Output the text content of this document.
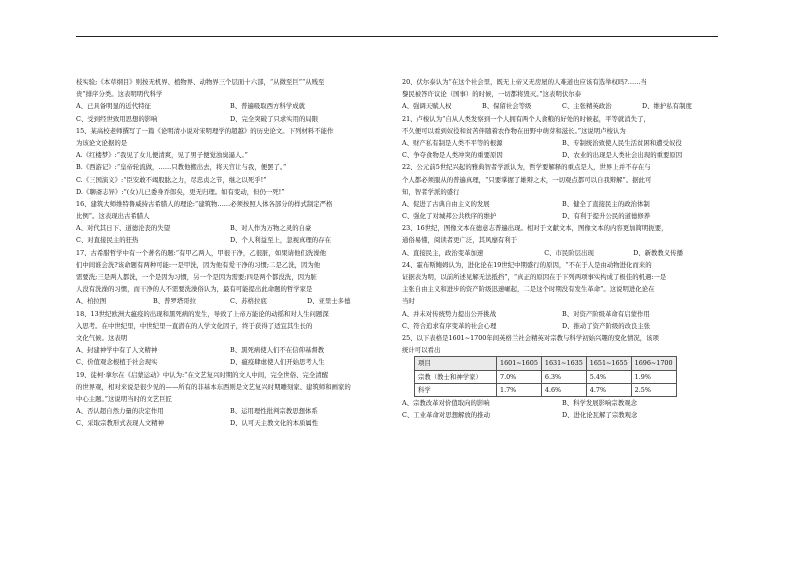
枝实验;《本草纲目》则按无机界、植物界、动物界三个层面十六部，“从微至巨”“从贱至
贵”排序分类。这表明明代科学
A、已具备明显的近代特征	B、普遍吸取西方科学成就
C、受到经世致用思想的影响	D、完全突破了只求实用的局限
15、某高校老师撰写了一篇《论明清小说对宋明理学的超越》的历史论文。下列材料不能作
为该论文论据的是
A.《红楼梦》:“我见了女儿便清爽，见了男子便觉浊臭逼人。”
B.《西游记》:“皇帝轮流做，……只教他搬出去，将天宫让与我，便罢了。”
C.《三国演义》:“臣安敢不竭股肱之力，尽忠贞之节，继之以死乎!”
D.《聊斋志异》:“(女)儿已委身乔郎矣，更无归理。如有变动，但仍一死!”
16、建筑大师维特鲁威持古希腊人的理论:“建筑物……必须按照人体各部分的样式制定严格
比例”。这表现出古希腊人
A、对代其日下、道德沦丧的失望	B、对人作为万物之灵的自豪
C、对直接民主的狂热	D、个人利益至上，忽视真理的存在
17、古希腊哲学中有一个著名的题:“有甲乙两人，甲很干净，乙很脏，如果请他们洗澡他
们中间谁会洗?该命题有两种可能:一是甲洗，因为他有爱干净的习惯;二是乙洗，因为他
需要洗;三是两人都洗，一个是因为习惯，另一个是因为需要;四是两个都没洗，因为脏
人没有洗澡的习惯，而干净的人不需要洗澡俗认为，最有可能提出此命题的哲学家是
A、柏拉图	B、普罗塔哥拉	C、苏格拉底	D、亚里士多德
18、13世纪欧洲大瘟疫的出现和黑死病的发生，导致了上帝万能论的动摇和对人生问题深
入思考。在中世纪里，中世纪里一直潜在的人学文化因子，终于获得了适宜其生长的
文化气候。这表明
A、封建神学中有了人文精神	B、黑死病使人们不在信仰基督教
C、价值观念根植于社会现实	D、瘟疫肆虐使人们开始思考人生
19、徒柯·拿尔在《启蒙运动》中认为:“在文艺复兴时期的文人中间，完全世俗、完全清醒
的世界观，相对来说是很少见的——所有的非基本东西则是文艺复兴时期雕刻家、建筑师和画家的
中心主题。”这说明当时的文艺巨匠
A、否认超自然力量的决定作用	B、运用理性批判宗教思想体系
C、采取宗教形式表现人文精神	D、认可天主教文化的本质属性
20、伏尔泰认为“在这个社会里，既无上帝又无房屋的人难道也应该有选举权吗?……当
黎民被答许议论（国事）的时候，一切都将毁灭。”这表明伏尔泰
A、强调天赋人权	B、保留社会等级	C、主张精英政治	D、维护私有制度
21、卢梭认为“自从人类发察到一个人拥有两个人食粮的好处的时候起，平等就消失了，
不久便可以看到奴役和贫苦伴随着农作物在田野中萌芽和滋长。”这说明卢梭认为
A、财产私有制是人类不平等的根源	B、专制统治致使人民生活贫困和遭受奴役
C、争夺食物是人类冲突的重要原因	D、农业的出现是人类社会出现的重要原因
22、公元前5世纪兴起的雅典智者学派认为，哲学要解释的重点是人，世界上并不存在与
个人都必须服从的普遍真理，“只要掌握了雄辩之术，一切观点都可以自我辩解”。据此可
知，智者学派的盛行
A、促进了古典自由主义的发展	B、健全了直接民主的政治体制
C、强化了对城邦公共秩序的维护	D、有利于提升公民的道德修养
23、16世纪，图像文本在德意志普遍出现。相对于文献文本，图像文本的内容更加简明扼要，
通俗易懂，阅读者更广泛，其风靡有利于
A、直接民主，政治变革加速	C、市民阶层出现	D、新教教义传播
24、霍布斯鲍姆认为，进化论在19世纪中期盛行的原因，“不在于人是由动物进化而来的
证据表为明，以前所述见解无法抵挡”，“真正的原因在于下列两项事实构成了极佳的机遇:一是
主张自由主义和进步的资产阶级迅速崛起，二是这个时期没有发生革命”。这说明进化论在
当时
A、并未对传统势力提出公开挑战	B、对资产阶级革命有启蒙作用
C、符合追求有序变革的社会心理	D、推动了资产阶级的改良主张
25、以下表格是1601~1700年间英格兰社会精英对宗教与科学初始兴趣的变化情况，该项
统计可以看出
项目	1601~1605	1631~1635	1651~1655	1696~1700
宗教（教士和神学家）	7.0%	6.3%	5.4%	1.9%
科学	1.7%	4.6%	4.7%	2.5%
A、宗教改革对价值取向的影响	B、科学发展影响宗教观念
C、工业革命对思想解放的推动	D、进化论瓦解了宗教观念
